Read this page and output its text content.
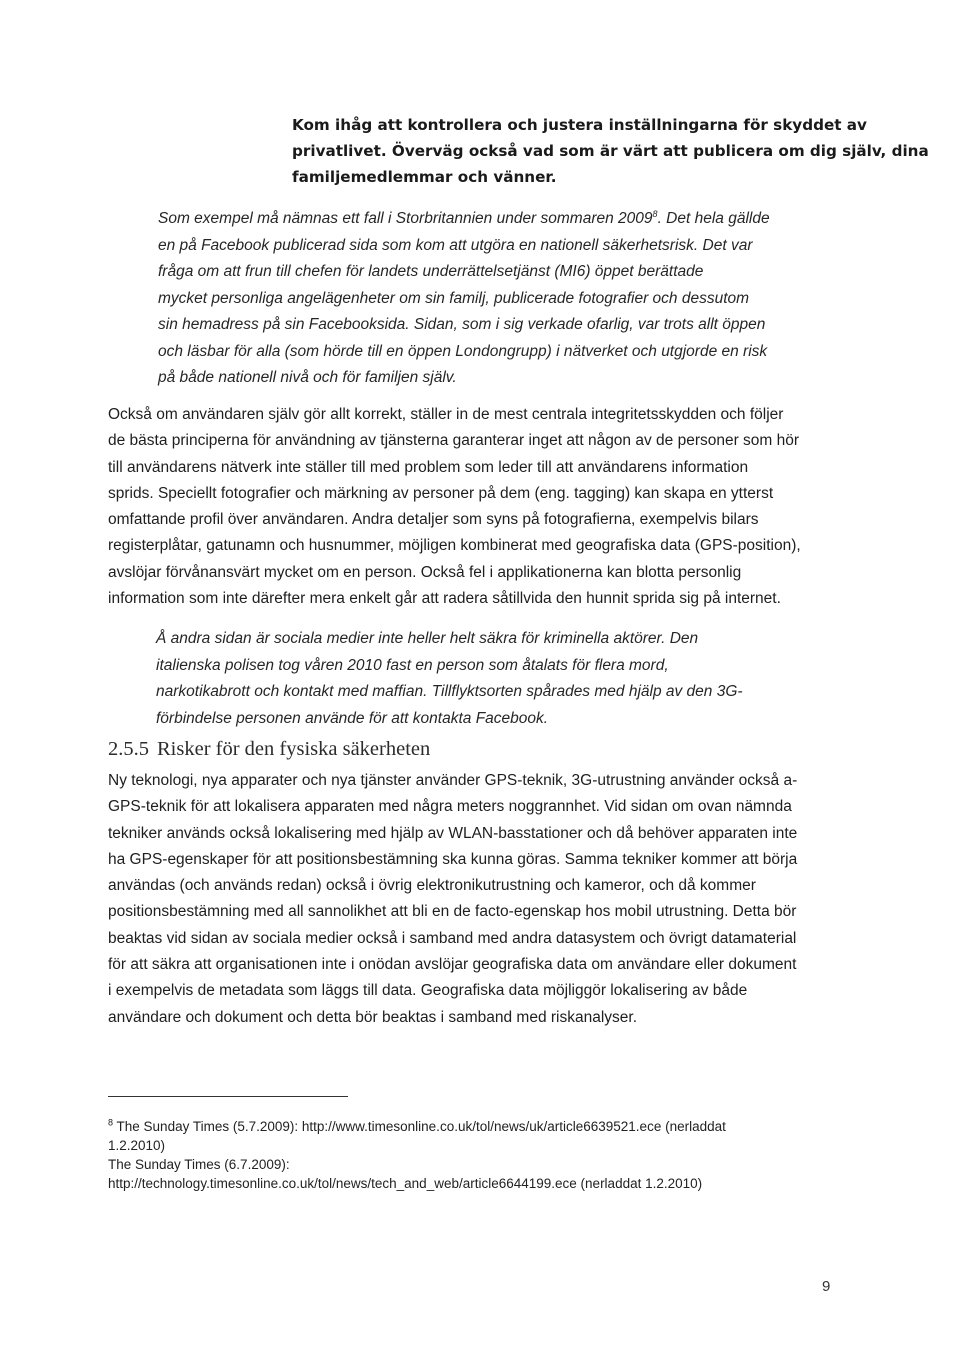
Kom ihåg att kontrollera och justera inställningarna för skyddet av
privatlivet. Överväg också vad som är värt att publicera om dig själv, dina
familjemedlemmar och vänner.
Som exempel må nämnas ett fall i Storbritannien under sommaren 2009$^8$. Det hela gällde
en på Facebook publicerad sida som kom att utgöra en nationell säkerhetsrisk. Det var
fråga om att frun till chefen för landets underrättelsetjänst (MI6) öppet berättade
mycket personliga angelägenheter om sin familj, publicerade fotografier och dessutom
sin hemadress på sin Facebooksida. Sidan, som i sig verkade ofarlig, var trots allt öppen
och läsbar för alla (som hörde till en öppen Londongrupp) i nätverket och utgjorde en risk
på både nationell nivå och för familjen själv.
Också om användaren själv gör allt korrekt, ställer in de mest centrala integritetsskydden och följer
de bästa principerna för användning av tjänsterna garanterar inget att någon av de personer som hör
till användarens nätverk inte ställer till med problem som leder till att användarens information
sprids. Speciellt fotografier och märkning av personer på dem (eng. tagging) kan skapa en ytterst
omfattande profil över användaren. Andra detaljer som syns på fotografierna, exempelvis bilars
registerplåtar, gatunamn och husnummer, möjligen kombinerat med geografiska data (GPS-position),
avslöjar förvånansvärt mycket om en person. Också fel i applikationerna kan blotta personlig
information som inte därefter mera enkelt går att radera såtillvida den hunnit sprida sig på internet.
Å andra sidan är sociala medier inte heller helt säkra för kriminella aktörer. Den
italienska polisen tog våren 2010 fast en person som åtalats för flera mord,
narkotikabrott och kontakt med maffian. Tillflyktsorten spårades med hjälp av den 3G-
förbindelse personen använde för att kontakta Facebook.
2.5.5 Risker för den fysiska säkerheten
Ny teknologi, nya apparater och nya tjänster använder GPS-teknik, 3G-utrustning använder också a-
GPS-teknik för att lokalisera apparaten med några meters noggrannhet. Vid sidan om ovan nämnda
tekniker används också lokalisering med hjälp av WLAN-basstationer och då behöver apparaten inte
ha GPS-egenskaper för att positionsbestämning ska kunna göras. Samma tekniker kommer att börja
användas (och används redan) också i övrig elektronikutrustning och kameror, och då kommer
positionsbestämning med all sannolikhet att bli en de facto-egenskap hos mobil utrustning. Detta bör
beaktas vid sidan av sociala medier också i samband med andra datasystem och övrigt datamaterial
för att säkra att organisationen inte i onödan avslöjar geografiska data om användare eller dokument
i exempelvis de metadata som läggs till data. Geografiska data möjliggör lokalisering av både
användare och dokument och detta bör beaktas i samband med riskanalyser.
$^8$ The Sunday Times (5.7.2009): http://www.timesonline.co.uk/tol/news/uk/article6639521.ece (nerladdat
1.2.2010)
The Sunday Times (6.7.2009):
http://technology.timesonline.co.uk/tol/news/tech_and_web/article6644199.ece (nerladdat 1.2.2010)
9
